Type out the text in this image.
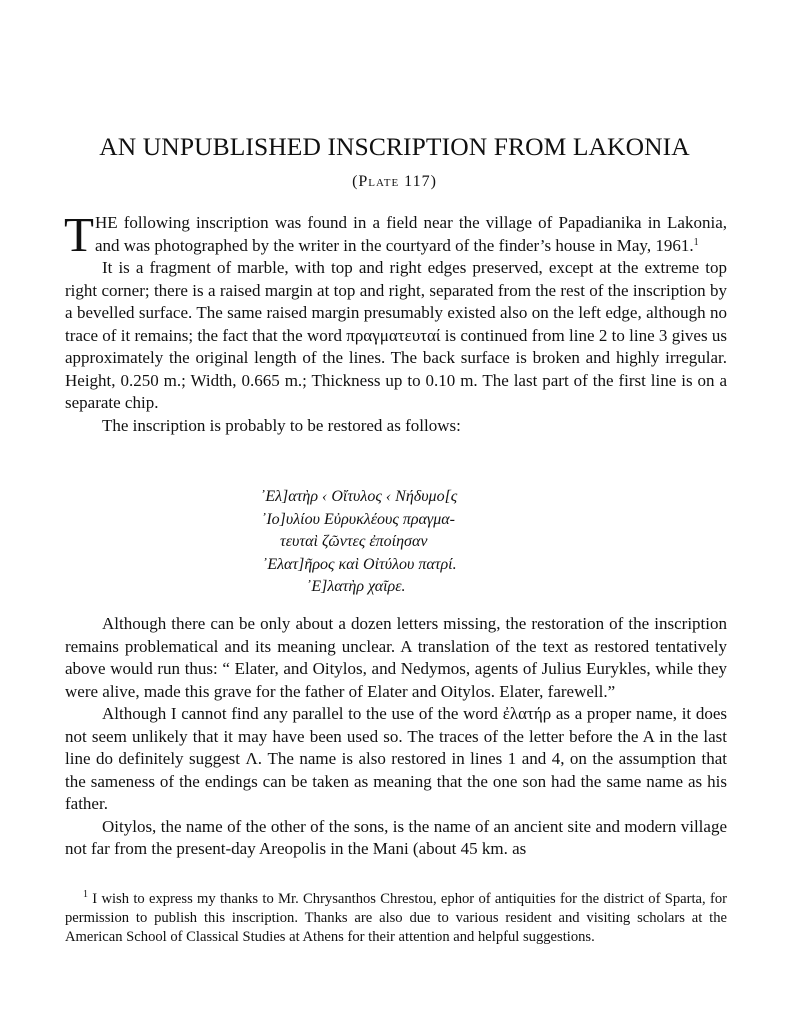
AN UNPUBLISHED INSCRIPTION FROM LAKONIA
(Plate 117)

THE following inscription was found in a field near the village of Papadianika in Lakonia, and was photographed by the writer in the courtyard of the finder’s house in May, 1961.$^1$

It is a fragment of marble, with top and right edges preserved, except at the extreme top right corner; there is a raised margin at top and right, separated from the rest of the inscription by a bevelled surface. The same raised margin presumably existed also on the left edge, although no trace of it remains; the fact that the word πραγματευταί is continued from line 2 to line 3 gives us approximately the original length of the lines. The back surface is broken and highly irregular. Height, 0.250 m.; Width, 0.665 m.; Thickness up to 0.10 m. The last part of the first line is on a separate chip.

The inscription is probably to be restored as follows:

᾿Ελ]ατὴρ ‹ Οἴτυλος ‹ Νήδυμο[ς
᾿Ιο]υλίου Εὐρυκλέους πραγμα-
τευταὶ ζῶντες ἐποίησαν
᾿Ελατ]ῆρος καὶ Οἰτύλου πατρί.
᾿Ε]λατὴρ χαῖρε.

Although there can be only about a dozen letters missing, the restoration of the inscription remains problematical and its meaning unclear. A translation of the text as restored tentatively above would run thus: “ Elater, and Oitylos, and Nedymos, agents of Julius Eurykles, while they were alive, made this grave for the father of Elater and Oitylos. Elater, farewell.”

Although I cannot find any parallel to the use of the word ἐλατήρ as a proper name, it does not seem unlikely that it may have been used so. The traces of the letter before the A in the last line do definitely suggest Λ. The name is also restored in lines 1 and 4, on the assumption that the sameness of the endings can be taken as meaning that the one son had the same name as his father.

Oitylos, the name of the other of the sons, is the name of an ancient site and modern village not far from the present-day Areopolis in the Mani (about 45 km. as

$^1$ I wish to express my thanks to Mr. Chrysanthos Chrestou, ephor of antiquities for the district of Sparta, for permission to publish this inscription. Thanks are also due to various resident and visiting scholars at the American School of Classical Studies at Athens for their attention and helpful suggestions.
